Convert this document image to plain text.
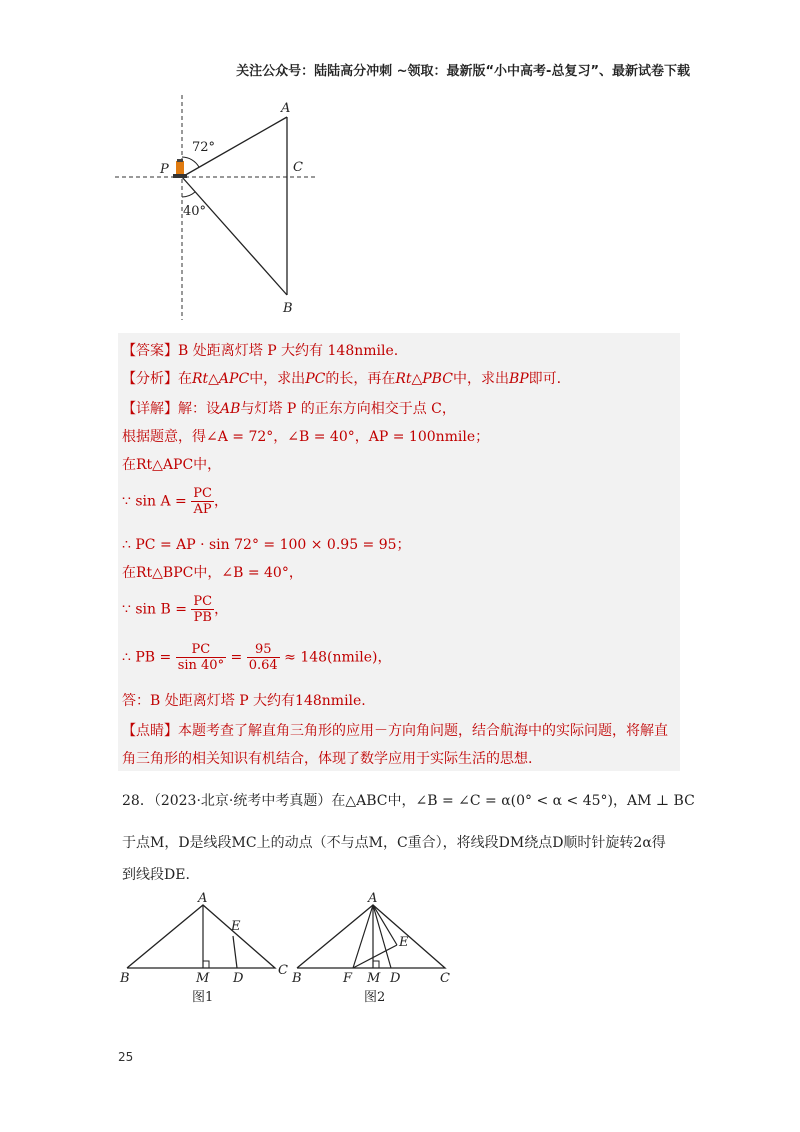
关注公众号：陆陆高分冲刺 ~领取：最新版“小中高考-总复习”、最新试卷下载
A
C
P
B
72°
40°
【答案】B 处距离灯塔 P 大约有 148nmile.
【分析】在Rt△APC中，求出PC的长，再在Rt△PBC中，求出BP即可.
【详解】解：设AB与灯塔 P 的正东方向相交于点 C，
根据题意，得∠A = 72°，∠B = 40°，AP = 100nmile；
在Rt△APC中，
∵ $\sin A = \frac{PC}{AP}$ ，
∴ PC = AP · sin 72° = 100 × 0.95 = 95；
在Rt△BPC中，∠B = 40°，
∵ $\sin B = \frac{PC}{PB}$ ，
∴ PB = $\frac{PC}{\sin 40^\circ} = \frac{95}{0.64}$ ≈ 148(nmile)，
答：B 处距离灯塔 P 大约有148nmile.
【点睛】本题考查了解直角三角形的应用－方向角问题，结合航海中的实际问题，将解直
角三角形的相关知识有机结合，体现了数学应用于实际生活的思想.
28．（2023·北京·统考中考真题）在△ABC中，∠B = ∠C = α(0° < α < 45°)，AM ⊥ BC
于点M，D是线段MC上的动点（不与点M，C重合），将线段DM绕点D顺时针旋转2α得
到线段DE.
A
B
C
M D
E
图1
A
B	C
M D
E
F
图2
25
